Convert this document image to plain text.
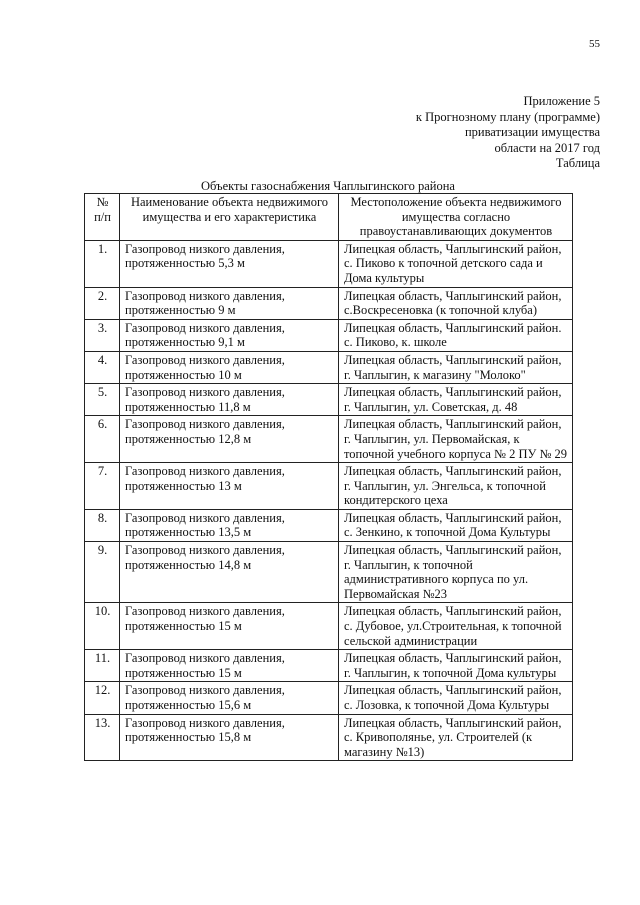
55
Приложение 5
к Прогнозному плану (программе)
приватизации имущества
области на 2017 год
Таблица
Объекты газоснабжения Чаплыгинского района
№
п/п	Наименование объекта недвижимого имущества и его характеристика	Местоположение объекта недвижимого имущества согласно правоустанавливающих документов
1.	Газопровод низкого давления, протяженностью 5,3 м	Липецкая область, Чаплыгинский район, с. Пиково к топочной детского сада и Дома культуры
2.	Газопровод низкого давления, протяженностью 9 м	Липецкая область, Чаплыгинский район, с.Воскресеновка (к топочной клуба)
3.	Газопровод низкого давления, протяженностью 9,1 м	Липецкая область, Чаплыгинский район. с. Пиково, к. школе
4.	Газопровод низкого давления, протяженностью 10 м	Липецкая область, Чаплыгинский район, г. Чаплыгин, к магазину "Молоко"
5.	Газопровод низкого давления, протяженностью 11,8 м	Липецкая область, Чаплыгинский район, г. Чаплыгин, ул. Советская, д. 48
6.	Газопровод низкого давления, протяженностью 12,8 м	Липецкая область, Чаплыгинский район, г. Чаплыгин, ул. Первомайская, к топочной учебного корпуса № 2 ПУ № 29
7.	Газопровод низкого давления, протяженностью 13 м	Липецкая область, Чаплыгинский район, г. Чаплыгин, ул. Энгельса, к топочной кондитерского цеха
8.	Газопровод низкого давления, протяженностью 13,5 м	Липецкая область, Чаплыгинский район, с. Зенкино, к топочной Дома Культуры
9.	Газопровод низкого давления, протяженностью 14,8 м	Липецкая область, Чаплыгинский район, г. Чаплыгин, к топочной административного корпуса по ул. Первомайская №23
10.	Газопровод низкого давления, протяженностью 15 м	Липецкая область, Чаплыгинский район, с. Дубовое, ул.Строительная, к топочной сельской администрации
11.	Газопровод низкого давления, протяженностью 15 м	Липецкая область, Чаплыгинский район, г. Чаплыгин, к топочной Дома культуры
12.	Газопровод низкого давления, протяженностью 15,6 м	Липецкая область, Чаплыгинский район, с. Лозовка, к топочной Дома Культуры
13.	Газопровод низкого давления, протяженностью 15,8 м	Липецкая область, Чаплыгинский район, с. Кривополянье, ул. Строителей (к магазину №13)
